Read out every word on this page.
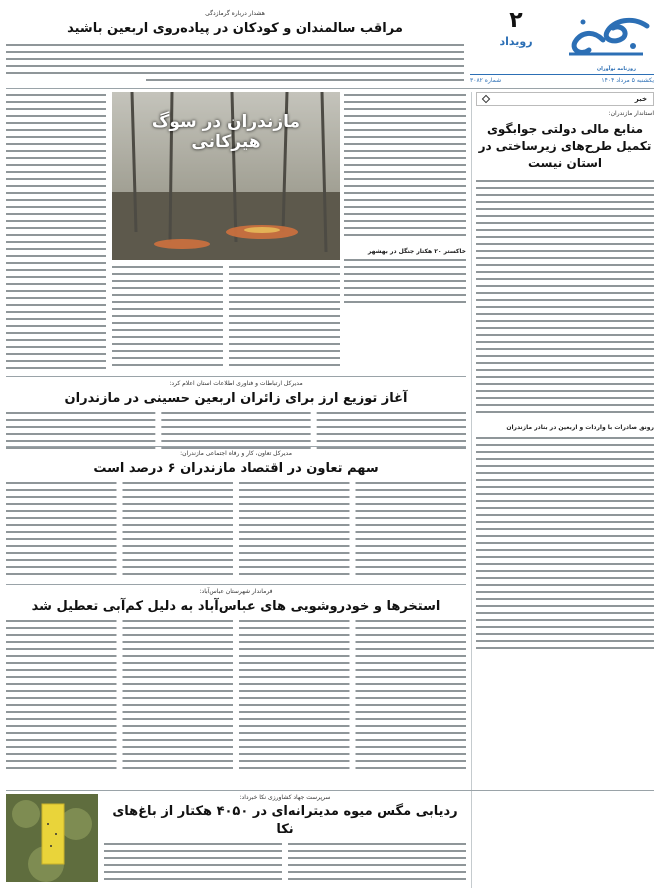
روزنامه نوآوران
۲
رویداد
یکشنبه ۵ مرداد ۱۴۰۴
شماره ۳۰۸۲
هشدار درباره گرمازدگی
مراقب سالمندان و کودکان در پیاده‌روی اربعین باشید
خبر
استاندار مازندران:
منابع مالی دولتی جوابگوی تکمیل طرح‌های زیرساختی در استان نیست
رونق صادرات با واردات و اربعین در بنادر مازندران
خاکستر ۲۰ هکتار جنگل در بهشهر
مازندران در سوگ هیرکانی
مدیرکل ارتباطات و فناوری اطلاعات استان اعلام کرد:
آغاز توزیع ارز برای زائران اربعین حسینی در مازندران
مدیرکل تعاون، کار و رفاه اجتماعی مازندران:
سهم تعاون در اقتصاد مازندران ۶ درصد است
فرماندار شهرستان عباس‌آباد:
استخرها و خودروشویی های عباس‌آباد به دلیل کم‌آبی تعطیل شد
سرپرست جهاد کشاورزی نکا خبرداد:
ردیابی مگس میوه مدیترانه‌ای در ۴۰۵۰ هکتار از باغ‌های نکا
